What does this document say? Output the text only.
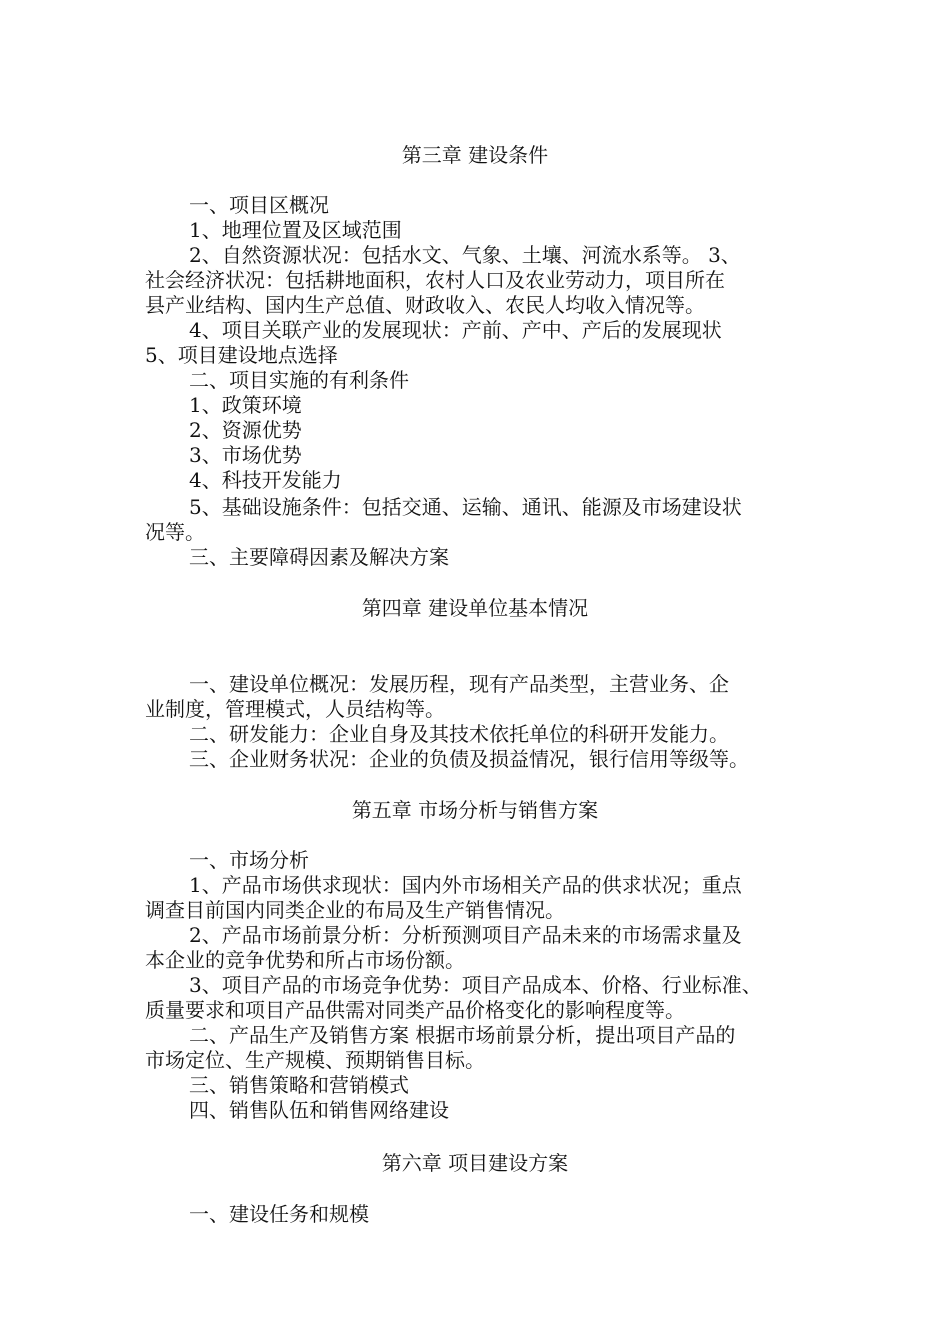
第三章 建设条件

一、项目区概况

1、地理位置及区域范围

2、自然资源状况：包括水文、气象、土壤、河流水系等。 3、

社会经济状况：包括耕地面积，农村人口及农业劳动力，项目所在

县产业结构、国内生产总值、财政收入、农民人均收入情况等。

4、项目关联产业的发展现状：产前、产中、产后的发展现状

5、项目建设地点选择

二、项目实施的有利条件

1、政策环境

2、资源优势

3、市场优势

4、科技开发能力

5、基础设施条件：包括交通、运输、通讯、能源及市场建设状

况等。

三、主要障碍因素及解决方案

第四章 建设单位基本情况

一、建设单位概况：发展历程，现有产品类型，主营业务、企

业制度，管理模式，人员结构等。

二、研发能力：企业自身及其技术依托单位的科研开发能力。

三、企业财务状况：企业的负债及损益情况，银行信用等级等。

第五章 市场分析与销售方案

一、市场分析

1、产品市场供求现状：国内外市场相关产品的供求状况；重点

调查目前国内同类企业的布局及生产销售情况。

2、产品市场前景分析：分析预测项目产品未来的市场需求量及

本企业的竞争优势和所占市场份额。

3、项目产品的市场竞争优势：项目产品成本、价格、行业标准、

质量要求和项目产品供需对同类产品价格变化的影响程度等。

二、产品生产及销售方案 根据市场前景分析，提出项目产品的

市场定位、生产规模、预期销售目标。

三、销售策略和营销模式

四、销售队伍和销售网络建设

第六章 项目建设方案

一、建设任务和规模
